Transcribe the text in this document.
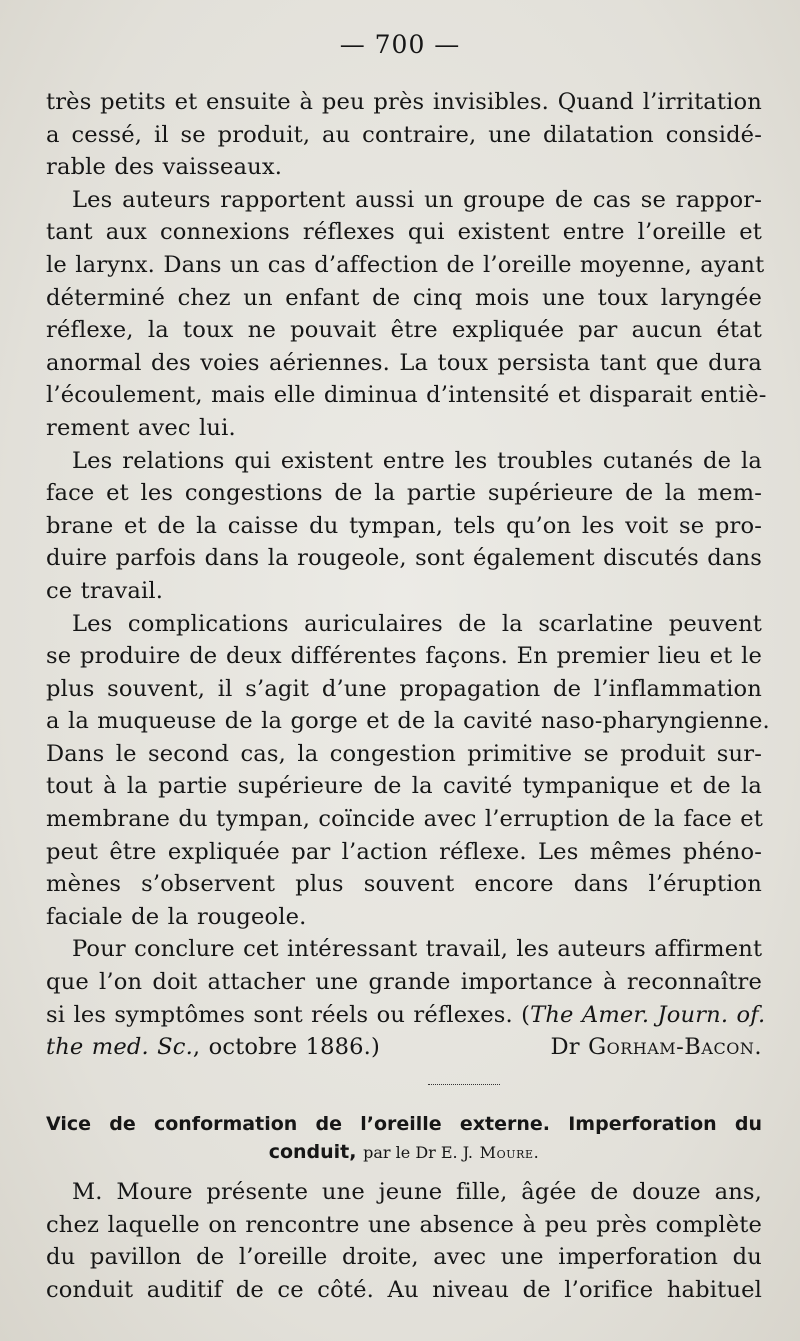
— 700 —
très petits et ensuite à peu près invisibles. Quand l’irritation
a cessé, il se produit, au contraire, une dilatation considé-
rable des vaisseaux.
Les auteurs rapportent aussi un groupe de cas se rappor-
tant aux connexions réflexes qui existent entre l’oreille et
le larynx. Dans un cas d’affection de l’oreille moyenne, ayant
déterminé chez un enfant de cinq mois une toux laryngée
réflexe, la toux ne pouvait être expliquée par aucun état
anormal des voies aériennes. La toux persista tant que dura
l’écoulement, mais elle diminua d’intensité et disparait entiè-
rement avec lui.
Les relations qui existent entre les troubles cutanés de la
face et les congestions de la partie supérieure de la mem-
brane et de la caisse du tympan, tels qu’on les voit se pro-
duire parfois dans la rougeole, sont également discutés dans
ce travail.
Les complications auriculaires de la scarlatine peuvent
se produire de deux différentes façons. En premier lieu et le
plus souvent, il s’agit d’une propagation de l’inflammation
a la muqueuse de la gorge et de la cavité naso-pharyngienne.
Dans le second cas, la congestion primitive se produit sur-
tout à la partie supérieure de la cavité tympanique et de la
membrane du tympan, coïncide avec l’erruption de la face et
peut être expliquée par l’action réflexe. Les mêmes phéno-
mènes s’observent plus souvent encore dans l’éruption
faciale de la rougeole.
Pour conclure cet intéressant travail, les auteurs affirment
que l’on doit attacher une grande importance à reconnaître
si les symptômes sont réels ou réflexes. (The Amer. Journ. of.
the med. Sc., octobre 1886.)	Dr Gorham-Bacon.
Vice de conformation de l’oreille externe. Imperforation du
conduit, par le Dr E. J. Moure.
M. Moure présente une jeune fille, âgée de douze ans,
chez laquelle on rencontre une absence à peu près complète
du pavillon de l’oreille droite, avec une imperforation du
conduit auditif de ce côté. Au niveau de l’orifice habituel
